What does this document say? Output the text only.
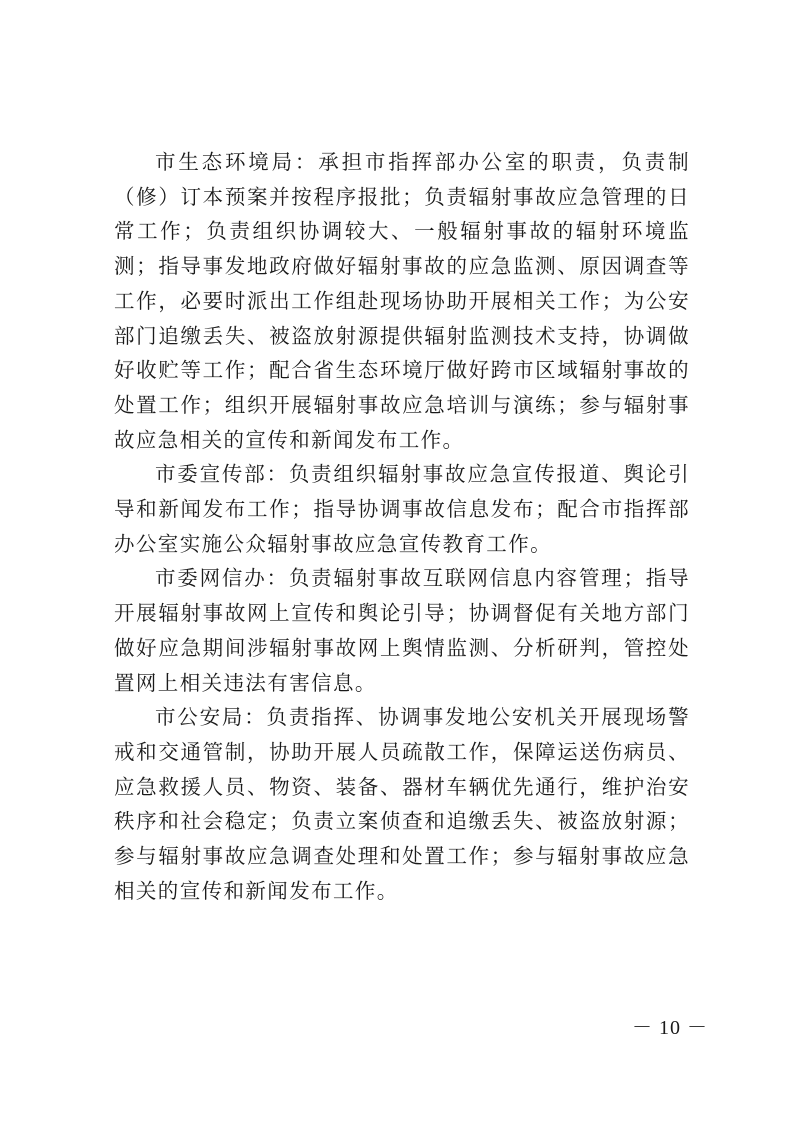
市生态环境局：承担市指挥部办公室的职责，负责制（修）订本预案并按程序报批；负责辐射事故应急管理的日常工作；负责组织协调较大、一般辐射事故的辐射环境监测；指导事发地政府做好辐射事故的应急监测、原因调查等工作，必要时派出工作组赴现场协助开展相关工作；为公安部门追缴丢失、被盗放射源提供辐射监测技术支持，协调做好收贮等工作；配合省生态环境厅做好跨市区域辐射事故的处置工作；组织开展辐射事故应急培训与演练；参与辐射事故应急相关的宣传和新闻发布工作。

市委宣传部：负责组织辐射事故应急宣传报道、舆论引导和新闻发布工作；指导协调事故信息发布；配合市指挥部办公室实施公众辐射事故应急宣传教育工作。

市委网信办：负责辐射事故互联网信息内容管理；指导开展辐射事故网上宣传和舆论引导；协调督促有关地方部门做好应急期间涉辐射事故网上舆情监测、分析研判，管控处置网上相关违法有害信息。

市公安局：负责指挥、协调事发地公安机关开展现场警戒和交通管制，协助开展人员疏散工作，保障运送伤病员、应急救援人员、物资、装备、器材车辆优先通行，维护治安秩序和社会稳定；负责立案侦查和追缴丢失、被盗放射源；参与辐射事故应急调查处理和处置工作；参与辐射事故应急相关的宣传和新闻发布工作。

－ 10 －
